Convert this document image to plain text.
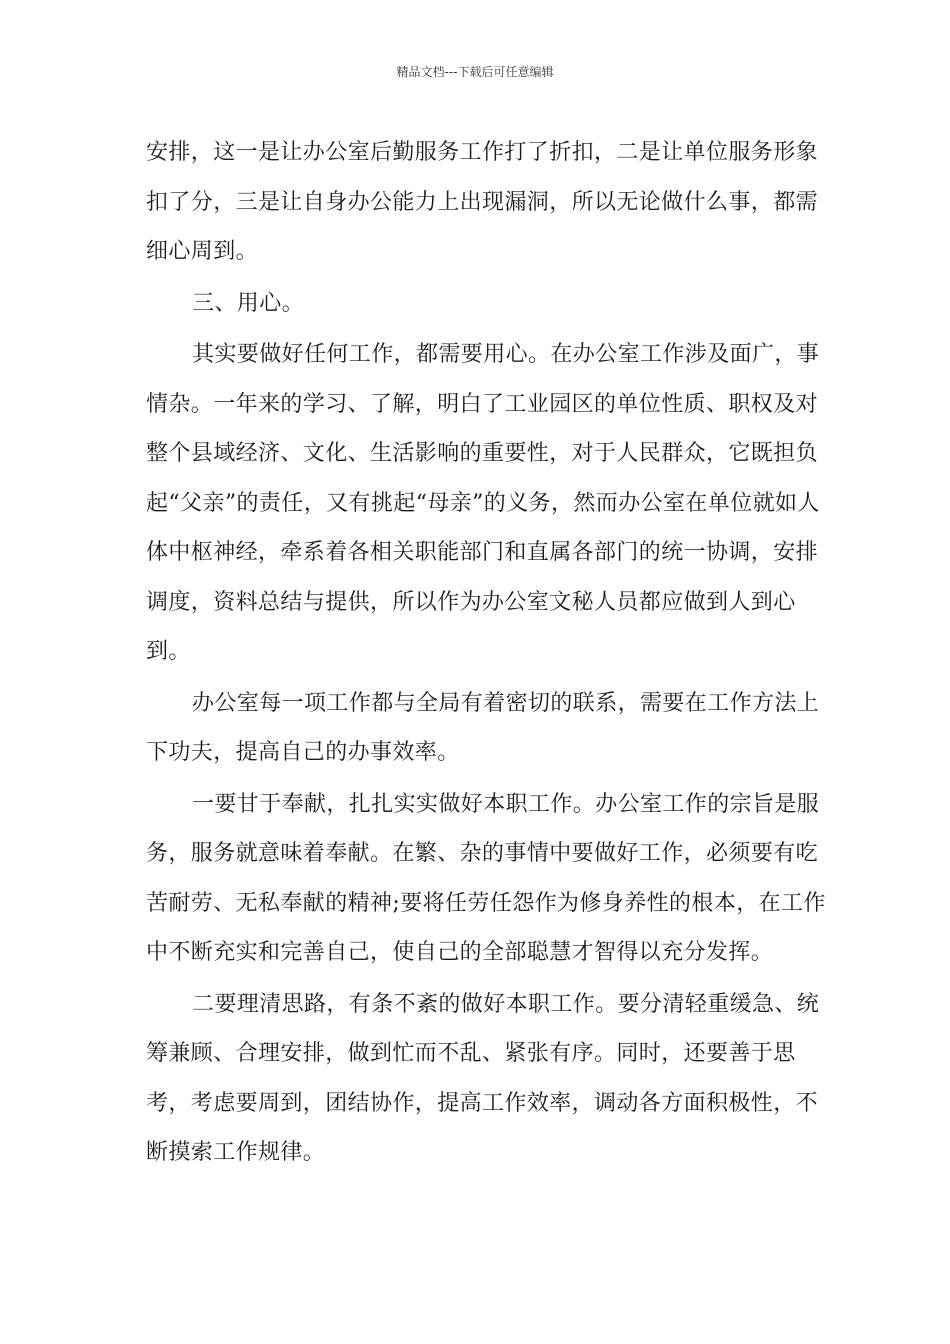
精品文档---下载后可任意编辑

安排，这一是让办公室后勤服务工作打了折扣，二是让单位服务形象扣了分，三是让自身办公能力上出现漏洞，所以无论做什么事，都需细心周到。

三、用心。

其实要做好任何工作，都需要用心。在办公室工作涉及面广，事情杂。一年来的学习、了解，明白了工业园区的单位性质、职权及对整个县域经济、文化、生活影响的重要性，对于人民群众，它既担负起“父亲”的责任，又有挑起“母亲”的义务，然而办公室在单位就如人体中枢神经，牵系着各相关职能部门和直属各部门的统一协调，安排调度，资料总结与提供，所以作为办公室文秘人员都应做到人到心到。

办公室每一项工作都与全局有着密切的联系，需要在工作方法上下功夫，提高自己的办事效率。

一要甘于奉献，扎扎实实做好本职工作。办公室工作的宗旨是服务，服务就意味着奉献。在繁、杂的事情中要做好工作，必须要有吃苦耐劳、无私奉献的精神;要将任劳任怨作为修身养性的根本，在工作中不断充实和完善自己，使自己的全部聪慧才智得以充分发挥。

二要理清思路，有条不紊的做好本职工作。要分清轻重缓急、统筹兼顾、合理安排，做到忙而不乱、紧张有序。同时，还要善于思考，考虑要周到，团结协作，提高工作效率，调动各方面积极性，不断摸索工作规律。
